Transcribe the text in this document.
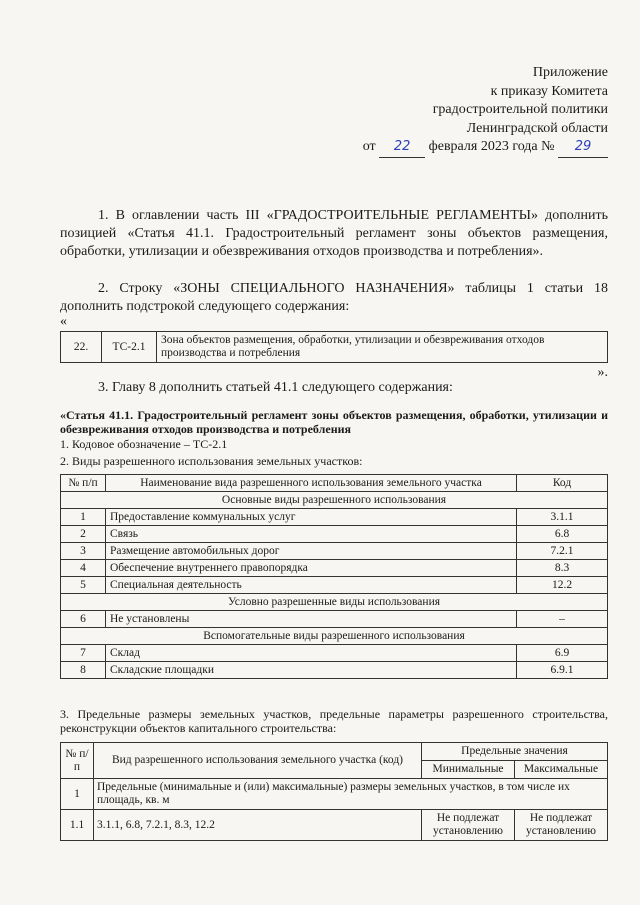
Приложение
к приказу Комитета
градостроительной политики
Ленинградской области
от 22 февраля 2023 года № 29
1. В оглавлении часть III «ГРАДОСТРОИТЕЛЬНЫЕ РЕГЛАМЕНТЫ» дополнить позицией «Статья 41.1. Градостроительный регламент зоны объектов размещения, обработки, утилизации и обезвреживания отходов производства и потребления».
2. Строку «ЗОНЫ СПЕЦИАЛЬНОГО НАЗНАЧЕНИЯ» таблицы 1 статьи 18 дополнить подстрокой следующего содержания:
«
22.	ТС-2.1	Зона объектов размещения, обработки, утилизации и обезвреживания отходов производства и потребления
».
3. Главу 8 дополнить статьей 41.1 следующего содержания:
«Статья 41.1. Градостроительный регламент зоны объектов размещения, обработки, утилизации и обезвреживания отходов производства и потребления
1. Кодовое обозначение – ТС-2.1
2. Виды разрешенного использования земельных участков:
№ п/п	Наименование вида разрешенного использования земельного участка	Код
Основные виды разрешенного использования		
1	Предоставление коммунальных услуг	3.1.1
2	Связь	6.8
3	Размещение автомобильных дорог	7.2.1
4	Обеспечение внутреннего правопорядка	8.3
5	Специальная деятельность	12.2
Условно разрешенные виды использования		
6	Не установлены	–
Вспомогательные виды разрешенного использования		
7	Склад	6.9
8	Складские площадки	6.9.1
3. Предельные размеры земельных участков, предельные параметры разрешенного строительства, реконструкции объектов капитального строительства:
№ п/п	Вид разрешенного использования земельного участка (код)	Предельные значения	
		Минимальные	Максимальные
1	Предельные (минимальные и (или) максимальные) размеры земельных участков, в том числе их площадь, кв. м		
1.1	3.1.1, 6.8, 7.2.1, 8.3, 12.2	Не подлежат установлению	Не подлежат установлению
